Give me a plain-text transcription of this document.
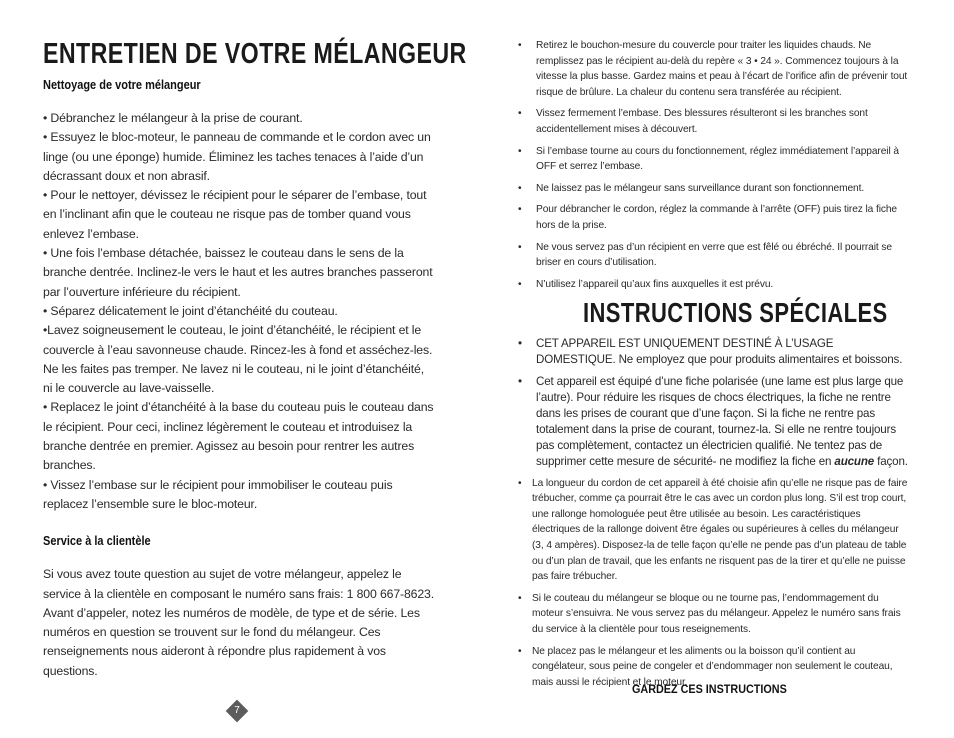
ENTRETIEN DE VOTRE MÉLANGEUR
Nettoyage de votre mélangeur

• Débranchez le mélangeur à la prise de courant.

• Essuyez le bloc-moteur, le panneau de commande et le cordon avec un linge (ou une éponge) humide. Éliminez les taches tenaces à l’aide d’un décrassant doux et non abrasif.

• Pour le nettoyer, dévissez le récipient pour le séparer de l’embase, tout en l’inclinant afin que le couteau ne risque pas de tomber quand vous enlevez l’embase.

• Une fois l’embase détachée, baissez le couteau dans le sens de la branche dentrée. Inclinez-le vers le haut et les autres branches passeront par l’ouverture inférieure du récipient.

• Séparez délicatement le joint d’étanchéité du couteau.

•Lavez soigneusement le couteau, le joint d’étanchéité, le récipient et le couvercle à l’eau savonneuse chaude. Rincez-les à fond et asséchez-les.

Ne les faites pas tremper. Ne lavez ni le couteau, ni le joint d’étanchéité, ni le couvercle au lave-vaisselle.

• Replacez le joint d’étanchéité à la base du couteau puis le couteau dans le récipient. Pour ceci, inclinez légèrement le couteau et introduisez la branche dentrée en premier. Agissez au besoin pour rentrer les autres branches.

• Vissez l’embase sur le récipient pour immobiliser le couteau puis replacez l’ensemble sure le bloc-moteur.

Service à la clientèle

Si vous avez toute question au sujet de votre mélangeur, appelez le service à la clientèle en composant le numéro sans frais: 1 800 667-8623. Avant d’appeler, notez les numéros de modèle, de type et de série. Les numéros en question se trouvent sur le fond du mélangeur. Ces renseignements nous aideront à répondre plus rapidement à vos questions.

7

• Retirez le bouchon-mesure du couvercle pour traiter les liquides chauds. Ne remplissez pas le récipient au-delà du repère « 3 • 24 ». Commencez toujours à la vitesse la plus basse. Gardez mains et peau à l’écart de l’orifice afin de prévenir tout risque de brûlure. La chaleur du contenu sera transférée au récipient.

• Vissez fermement l’embase. Des blessures résulteront si les branches sont accidentellement mises à découvert.

• Si l’embase tourne au cours du fonctionnement, réglez immédiatement l’appareil à OFF et serrez l’embase.

• Ne laissez pas le mélangeur sans surveillance durant son fonctionnement.

• Pour débrancher le cordon, réglez la commande à l’arrête (OFF) puis tirez la fiche hors de la prise.

• Ne vous servez pas d’un récipient en verre que est fêlé ou ébréché. Il pourrait se briser en cours d’utilisation.

• N’utilisez l’appareil qu’aux fins auxquelles it est prévu.

INSTRUCTIONS SPÉCIALES

• CET APPAREIL EST UNIQUEMENT DESTINÉ À L’USAGE DOMESTIQUE. Ne employez que pour produits alimentaires et boissons.

• Cet appareil est équipé d’une fiche polarisée (une lame est plus large que l’autre). Pour réduire les risques de chocs électriques, la fiche ne rentre dans les prises de courant que d’une façon. Si la fiche ne rentre pas totalement dans la prise de courant, tournez-la. Si elle ne rentre toujours pas complètement, contactez un électricien qualifié. Ne tentez pas de supprimer cette mesure de sécurité- ne modifiez la fiche en aucune façon.

• La longueur du cordon de cet appareil à été choisie afin qu’elle ne risque pas de faire trébucher, comme ça pourrait être le cas avec un cordon plus long. S’il est trop court, une rallonge homologuée peut être utilisée au besoin. Les caractéristiques électriques de la rallonge doivent être égales ou supérieures à celles du mélangeur (3, 4 ampères). Disposez-la de telle façon qu’elle ne pende pas d’un plateau de table ou d’un plan de travail, que les enfants ne risquent pas de la tirer et qu’elle ne puisse pas faire trébucher.

• Si le couteau du mélangeur se bloque ou ne tourne pas, l’endommagement du moteur s’ensuivra. Ne vous servez pas du mélangeur. Appelez le numéro sans frais du service à la clientèle pour tous reseignements.

• Ne placez pas le mélangeur et les aliments ou la boisson qu’il contient au congélateur, sous peine de congeler et d’endommager non seulement le couteau, mais aussi le récipient et le moteur.

GARDEZ CES INSTRUCTIONS
